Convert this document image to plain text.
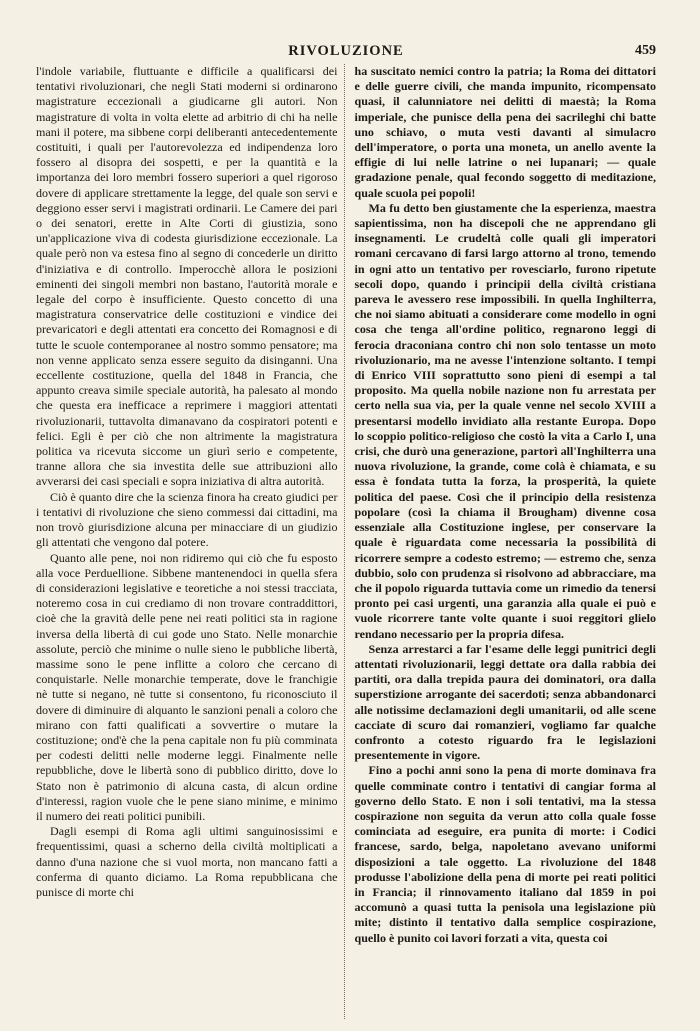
RIVOLUZIONE	459

l'indole variabile, fluttuante e difficile a qualificarsi dei tentativi rivoluzionari, che negli Stati moderni si ordinarono magistrature eccezionali a giudicarne gli autori. Non magistrature di volta in volta elette ad arbitrio di chi ha nelle mani il potere, ma sibbene corpi deliberanti antecedentemente costituiti, i quali per l'autorevolezza ed indipendenza loro fossero al disopra dei sospetti, e per la quantità e la importanza dei loro membri fossero superiori a quel rigoroso dovere di applicare strettamente la legge, del quale son servi e deggiono esser servi i magistrati ordinarii. Le Camere dei pari o dei senatori, erette in Alte Corti di giustizia, sono un'applicazione viva di codesta giurisdizione eccezionale. La quale però non va estesa fino al segno di concederle un diritto d'iniziativa e di controllo. Imperocchè allora le posizioni eminenti dei singoli membri non bastano, l'autorità morale e legale del corpo è insufficiente. Questo concetto di una magistratura conservatrice delle costituzioni e vindice dei prevaricatori e degli attentati era concetto dei Romagnosi e di tutte le scuole contemporanee al nostro sommo pensatore; ma non venne applicato senza essere seguito da disinganni. Una eccellente costituzione, quella del 1848 in Francia, che appunto creava simile speciale autorità, ha palesato al mondo che questa era inefficace a reprimere i maggiori attentati rivoluzionarii, tuttavolta dimanavano da cospiratori potenti e felici. Egli è per ciò che non altrimente la magistratura politica va ricevuta siccome un giurì serio e competente, tranne allora che sia investita delle sue attribuzioni allo avverarsi dei casi speciali e sopra iniziativa di altra autorità.

Ciò è quanto dire che la scienza finora ha creato giudici per i tentativi di rivoluzione che sieno commessi dai cittadini, ma non trovò giurisdizione alcuna per minacciare di un giudizio gli attentati che vengono dal potere.

Quanto alle pene, noi non ridiremo qui ciò che fu esposto alla voce Perduellione. Sibbene mantenendoci in quella sfera di considerazioni legislative e teoretiche a noi stessi tracciata, noteremo cosa in cui crediamo di non trovare contraddittori, cioè che la gravità delle pene nei reati politici sta in ragione inversa della libertà di cui gode uno Stato. Nelle monarchie assolute, perciò che minime o nulle sieno le pubbliche libertà, massime sono le pene inflitte a coloro che cercano di conquistarle. Nelle monarchie temperate, dove le franchigie nè tutte si negano, nè tutte si consentono, fu riconosciuto il dovere di diminuire di alquanto le sanzioni penali a coloro che mirano con fatti qualificati a sovvertire o mutare la costituzione; ond'è che la pena capitale non fu più comminata per codesti delitti nelle moderne leggi. Finalmente nelle repubbliche, dove le libertà sono di pubblico diritto, dove lo Stato non è patrimonio di alcuna casta, di alcun ordine d'interessi, ragion vuole che le pene siano minime, e minimo il numero dei reati politici punibili.

Dagli esempi di Roma agli ultimi sanguinosissimi e frequentissimi, quasi a scherno della civiltà moltiplicati a danno d'una nazione che si vuol morta, non mancano fatti a conferma di quanto diciamo. La Roma repubblicana che punisce di morte chi

ha suscitato nemici contro la patria; la Roma dei dittatori e delle guerre civili, che manda impunito, ricompensato quasi, il calunniatore nei delitti di maestà; la Roma imperiale, che punisce della pena dei sacrileghi chi batte uno schiavo, o muta vesti davanti al simulacro dell'imperatore, o porta una moneta, un anello avente la effigie di lui nelle latrine o nei lupanari; — quale gradazione penale, qual fecondo soggetto di meditazione, quale scuola pei popoli!

Ma fu detto ben giustamente che la esperienza, maestra sapientissima, non ha discepoli che ne apprendano gli insegnamenti. Le crudeltà colle quali gli imperatori romani cercavano di farsi largo attorno al trono, temendo in ogni atto un tentativo per rovesciarlo, furono ripetute secoli dopo, quando i principii della civiltà cristiana pareva le avessero rese impossibili. In quella Inghilterra, che noi siamo abituati a considerare come modello in ogni cosa che tenga all'ordine politico, regnarono leggi di ferocia draconiana contro chi non solo tentasse un moto rivoluzionario, ma ne avesse l'intenzione soltanto. I tempi di Enrico VIII soprattutto sono pieni di esempi a tal proposito. Ma quella nobile nazione non fu arrestata per certo nella sua via, per la quale venne nel secolo XVIII a presentarsi modello invidiato alla restante Europa. Dopo lo scoppio politico-religioso che costò la vita a Carlo I, una crisi, che durò una generazione, partorì all'Inghilterra una nuova rivoluzione, la grande, come colà è chiamata, e su essa è fondata tutta la forza, la prosperità, la quiete politica del paese. Così che il principio della resistenza popolare (così la chiama il Brougham) divenne cosa essenziale alla Costituzione inglese, per conservare la quale è riguardata come necessaria la possibilità di ricorrere sempre a codesto estremo; — estremo che, senza dubbio, solo con prudenza si risolvono ad abbracciare, ma che il popolo riguarda tuttavia come un rimedio da tenersi pronto pei casi urgenti, una garanzia alla quale ei può e vuole ricorrere tante volte quante i suoi reggitori glielo rendano necessario per la propria difesa.

Senza arrestarci a far l'esame delle leggi punitrici degli attentati rivoluzionarii, leggi dettate ora dalla rabbia dei partiti, ora dalla trepida paura dei dominatori, ora dalla superstizione arrogante dei sacerdoti; senza abbandonarci alle notissime declamazioni degli umanitarii, od alle scene cacciate di scuro dai romanzieri, vogliamo far qualche confronto a cotesto riguardo fra le legislazioni presentemente in vigore.

Fino a pochi anni sono la pena di morte dominava fra quelle comminate contro i tentativi di cangiar forma al governo dello Stato. E non i soli tentativi, ma la stessa cospirazione non seguita da verun atto colla quale fosse cominciata ad eseguire, era punita di morte: i Codici francese, sardo, belga, napoletano avevano uniformi disposizioni a tale oggetto. La rivoluzione del 1848 produsse l'abolizione della pena di morte pei reati politici in Francia; il rinnovamento italiano dal 1859 in poi accomunò a quasi tutta la penisola una legislazione più mite; distinto il tentativo dalla semplice cospirazione, quello è punito coi lavori forzati a vita, questa coi
